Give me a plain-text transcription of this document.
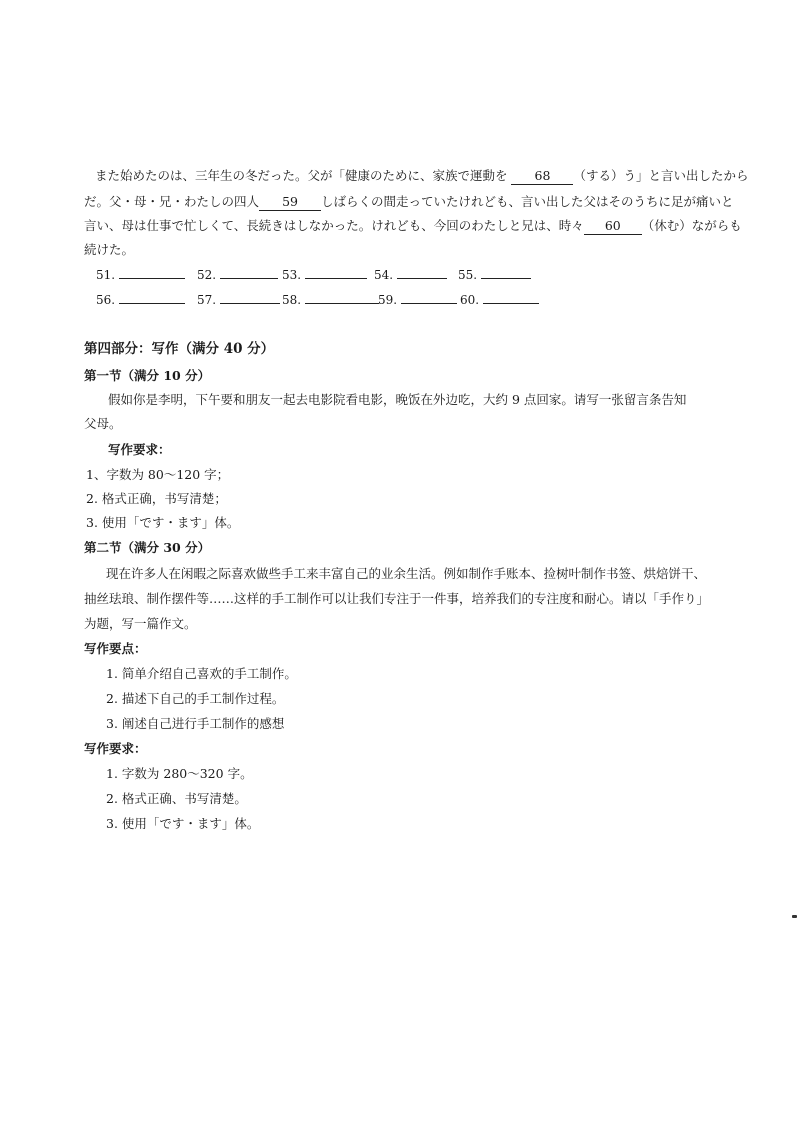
また始めたのは、三年生の冬だった。父が「健康のために、家族で運動を 68 （する）う」と言い出したから
だ。父・母・兄・わたしの四人 59 しばらくの間走っていたけれども、言い出した父はそのうちに足が痛いと
言い、母は仕事で忙しくて、長続きはしなかった。けれども、今回のわたしと兄は、時々 60 （休む）ながらも
続けた。
51.	52.	53.	54.	55.
56.	57.	58.	59.	60.
第四部分：写作（满分 40 分）
第一节（满分 10 分）
假如你是李明，下午要和朋友一起去电影院看电影，晚饭在外边吃，大约 9 点回家。请写一张留言条告知
父母。
写作要求：
1、字数为 80～120 字；
2. 格式正确，书写清楚；
3. 使用「です・ます」体。
第二节（满分 30 分）
现在许多人在闲暇之际喜欢做些手工来丰富自己的业余生活。例如制作手账本、捡树叶制作书签、烘焙饼干、
抽丝珐琅、制作摆件等……这样的手工制作可以让我们专注于一件事，培养我们的专注度和耐心。请以「手作り」
为题，写一篇作文。
写作要点：
1. 简单介绍自己喜欢的手工制作。
2. 描述下自己的手工制作过程。
3. 阐述自己进行手工制作的感想
写作要求：
1. 字数为 280～320 字。
2. 格式正确、书写清楚。
3. 使用「です・ます」体。
